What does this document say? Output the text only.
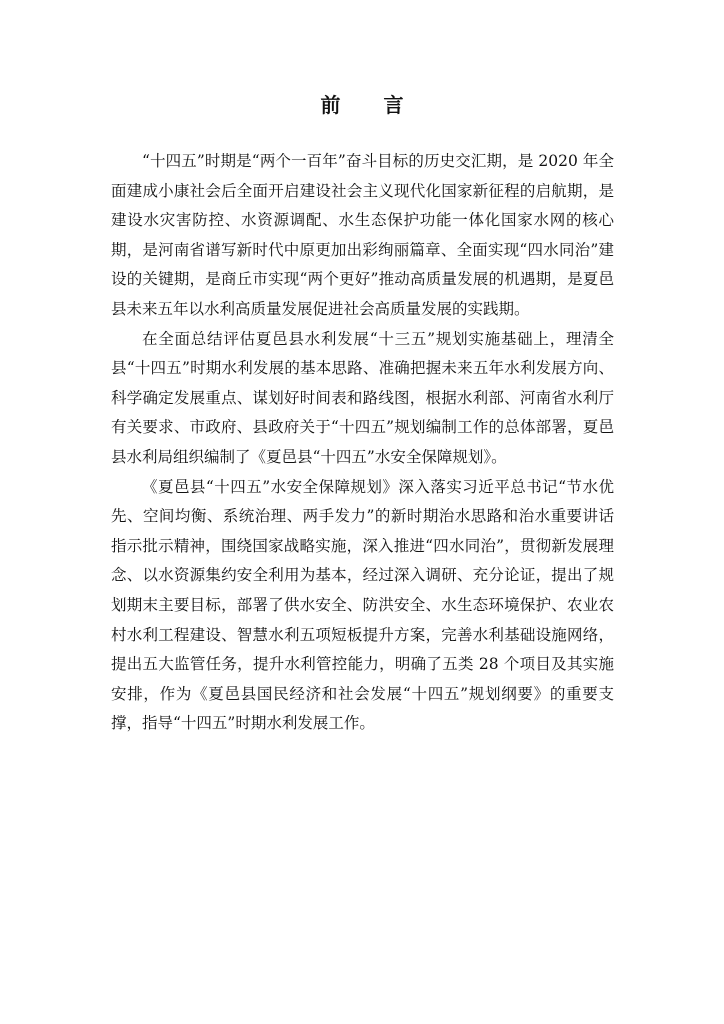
前 言

“十四五”时期是“两个一百年”奋斗目标的历史交汇期，是 2020 年全面建成小康社会后全面开启建设社会主义现代化国家新征程的启航期，是建设水灾害防控、水资源调配、水生态保护功能一体化国家水网的核心期，是河南省谱写新时代中原更加出彩绚丽篇章、全面实现“四水同治”建设的关键期，是商丘市实现“两个更好”推动高质量发展的机遇期，是夏邑县未来五年以水利高质量发展促进社会高质量发展的实践期。

在全面总结评估夏邑县水利发展“十三五”规划实施基础上，理清全县“十四五”时期水利发展的基本思路、准确把握未来五年水利发展方向、科学确定发展重点、谋划好时间表和路线图，根据水利部、河南省水利厅有关要求、市政府、县政府关于“十四五”规划编制工作的总体部署，夏邑县水利局组织编制了《夏邑县“十四五”水安全保障规划》。

《夏邑县“十四五”水安全保障规划》深入落实习近平总书记“节水优先、空间均衡、系统治理、两手发力”的新时期治水思路和治水重要讲话指示批示精神，围绕国家战略实施，深入推进“四水同治”，贯彻新发展理念、以水资源集约安全利用为基本，经过深入调研、充分论证，提出了规划期末主要目标，部署了供水安全、防洪安全、水生态环境保护、农业农村水利工程建设、智慧水利五项短板提升方案，完善水利基础设施网络，提出五大监管任务，提升水利管控能力，明确了五类 28 个项目及其实施安排，作为《夏邑县国民经济和社会发展“十四五”规划纲要》的重要支撑，指导“十四五”时期水利发展工作。
